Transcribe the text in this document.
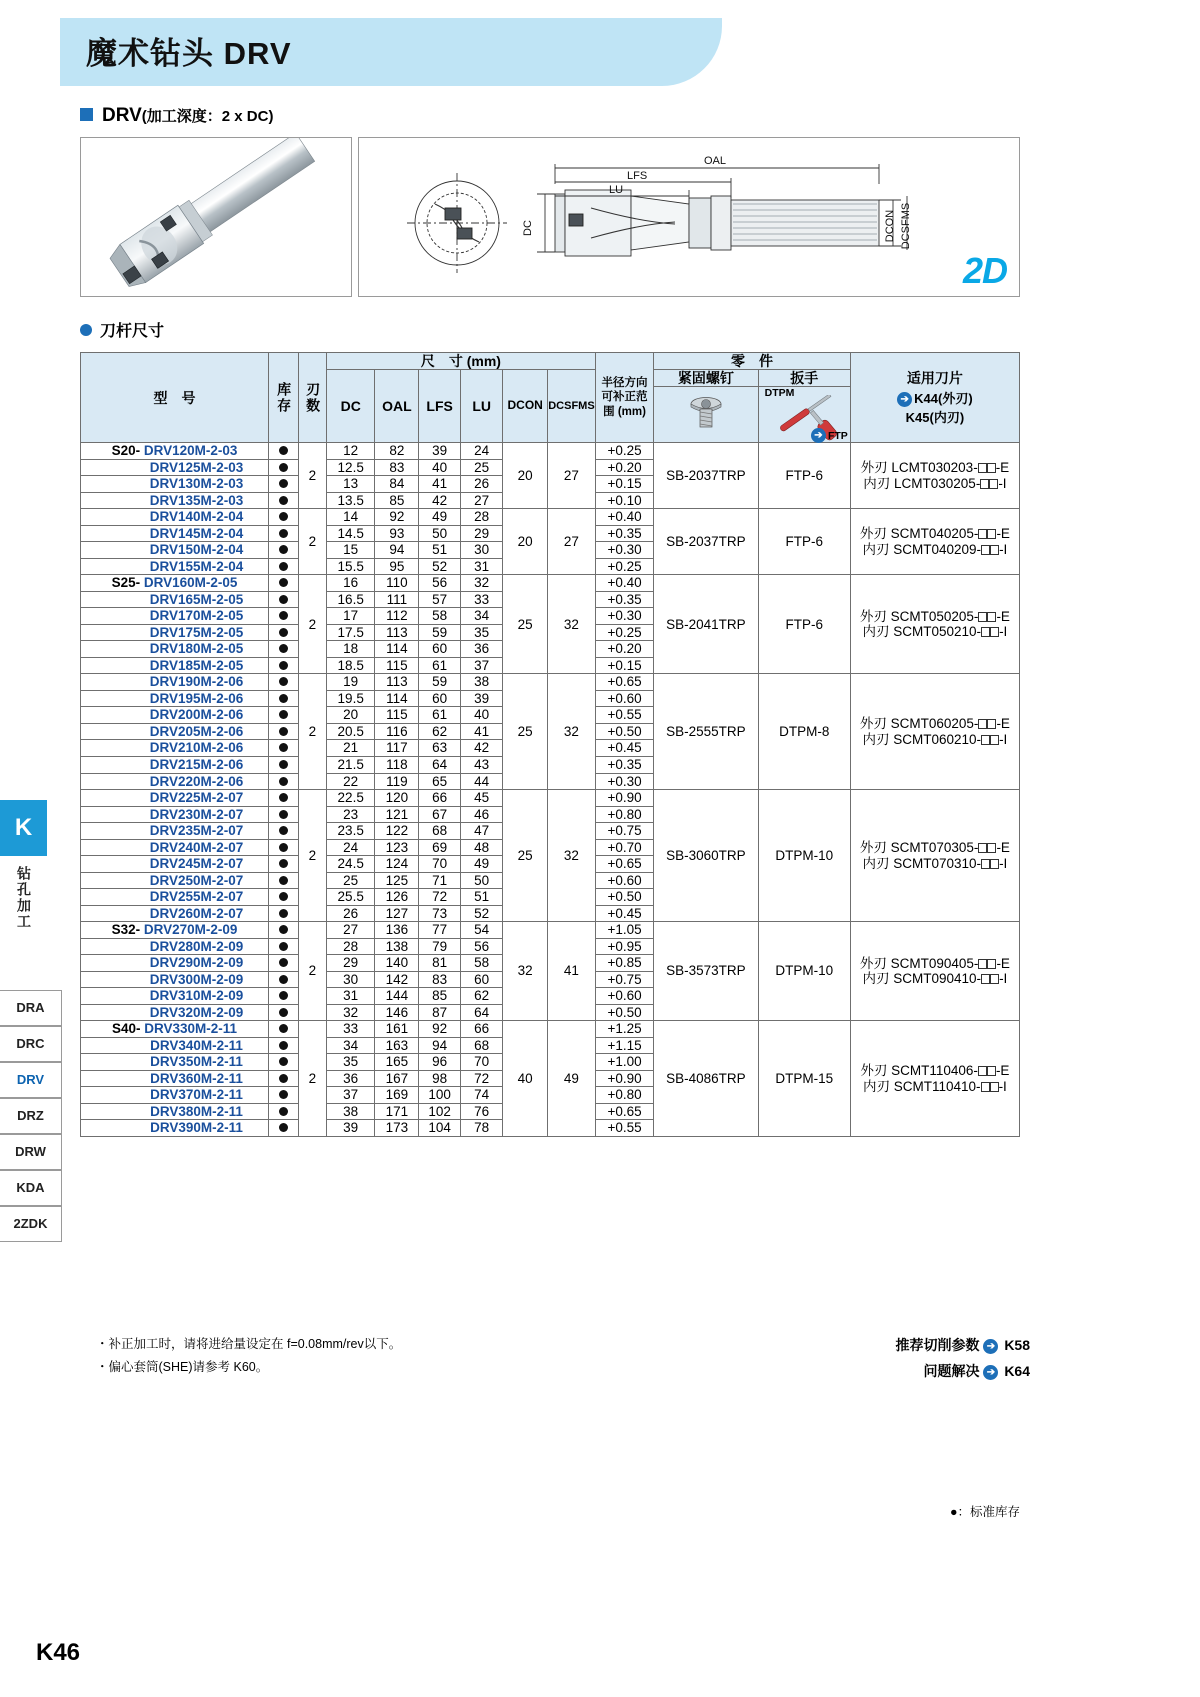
魔术钻头 DRV
DRV(加工深度：2 x DC)
OAL
LFS
LU
DC	DCON DCSFMS
2D
刀杆尺寸
型　号	库存	刃数	尺　寸 (mm)						半径方向可补正范围 (mm)	零　件		适用刀片
➔ K44(外刃)
K45(内刃)

			DC	OAL	LFS	LU	DCON	DCSFMS		紧固螺钉	扳手	

DTPM
➔ FTP	

S20- DRV120M-2-03		2	12	82	39	24	20	27	+0.25	SB-2037TRP	FTP-6	外刃 LCMT030203- -E
内刃 LCMT030205- -I

DRV125M-2-03			12.5	83	40	25			+0.20			
DRV130M-2-03			13	84	41	26			+0.15			
DRV135M-2-03			13.5	85	42	27			+0.10			
DRV140M-2-04		2	14	92	49	28	20	27	+0.40	SB-2037TRP	FTP-6	外刃 SCMT040205- -E
内刃 SCMT040209- -I

DRV145M-2-04			14.5	93	50	29			+0.35			
DRV150M-2-04			15	94	51	30			+0.30			
DRV155M-2-04			15.5	95	52	31			+0.25			
S25- DRV160M-2-05		2	16	110	56	32	25	32	+0.40	SB-2041TRP	FTP-6	外刃 SCMT050205- -E
内刃 SCMT050210- -I

DRV165M-2-05			16.5	111	57	33			+0.35			
DRV170M-2-05			17	112	58	34			+0.30			
DRV175M-2-05			17.5	113	59	35			+0.25			
DRV180M-2-05			18	114	60	36			+0.20			
DRV185M-2-05			18.5	115	61	37			+0.15			
DRV190M-2-06		2	19	113	59	38	25	32	+0.65	SB-2555TRP	DTPM-8	外刃 SCMT060205- -E
内刃 SCMT060210- -I

DRV195M-2-06			19.5	114	60	39			+0.60			
DRV200M-2-06			20	115	61	40			+0.55			
DRV205M-2-06			20.5	116	62	41			+0.50			
DRV210M-2-06			21	117	63	42			+0.45			
DRV215M-2-06			21.5	118	64	43			+0.35			
DRV220M-2-06			22	119	65	44			+0.30			
DRV225M-2-07		2	22.5	120	66	45	25	32	+0.90	SB-3060TRP	DTPM-10	外刃 SCMT070305- -E
内刃 SCMT070310- -I

DRV230M-2-07			23	121	67	46			+0.80			
DRV235M-2-07			23.5	122	68	47			+0.75			
DRV240M-2-07			24	123	69	48			+0.70			
DRV245M-2-07			24.5	124	70	49			+0.65			
DRV250M-2-07			25	125	71	50			+0.60			
DRV255M-2-07			25.5	126	72	51			+0.50			
DRV260M-2-07			26	127	73	52			+0.45			
S32- DRV270M-2-09		2	27	136	77	54	32	41	+1.05	SB-3573TRP	DTPM-10	外刃 SCMT090405- -E
内刃 SCMT090410- -I

DRV280M-2-09			28	138	79	56			+0.95			
DRV290M-2-09			29	140	81	58			+0.85			
DRV300M-2-09			30	142	83	60			+0.75			
DRV310M-2-09			31	144	85	62			+0.60			
DRV320M-2-09			32	146	87	64			+0.50			
S40- DRV330M-2-11		2	33	161	92	66	40	49	+1.25	SB-4086TRP	DTPM-15	外刃 SCMT110406- -E
内刃 SCMT110410- -I

DRV340M-2-11			34	163	94	68			+1.15			
DRV350M-2-11			35	165	96	70			+1.00			
DRV360M-2-11			36	167	98	72			+0.90			
DRV370M-2-11			37	169	100	74			+0.80			
DRV380M-2-11			38	171	102	76			+0.65			
DRV390M-2-11			39	173	104	78			+0.55			
K
钻孔加工
DRA
DRC
DRV
DRZ
DRW
KDA
2ZDK
・补正加工时，请将进给量设定在 f=0.08mm/rev以下。
・偏心套筒(SHE)请参考 K60。
推荐切削参数 ➔ K58
问题解决 ➔ K64
●：标准库存
K46
